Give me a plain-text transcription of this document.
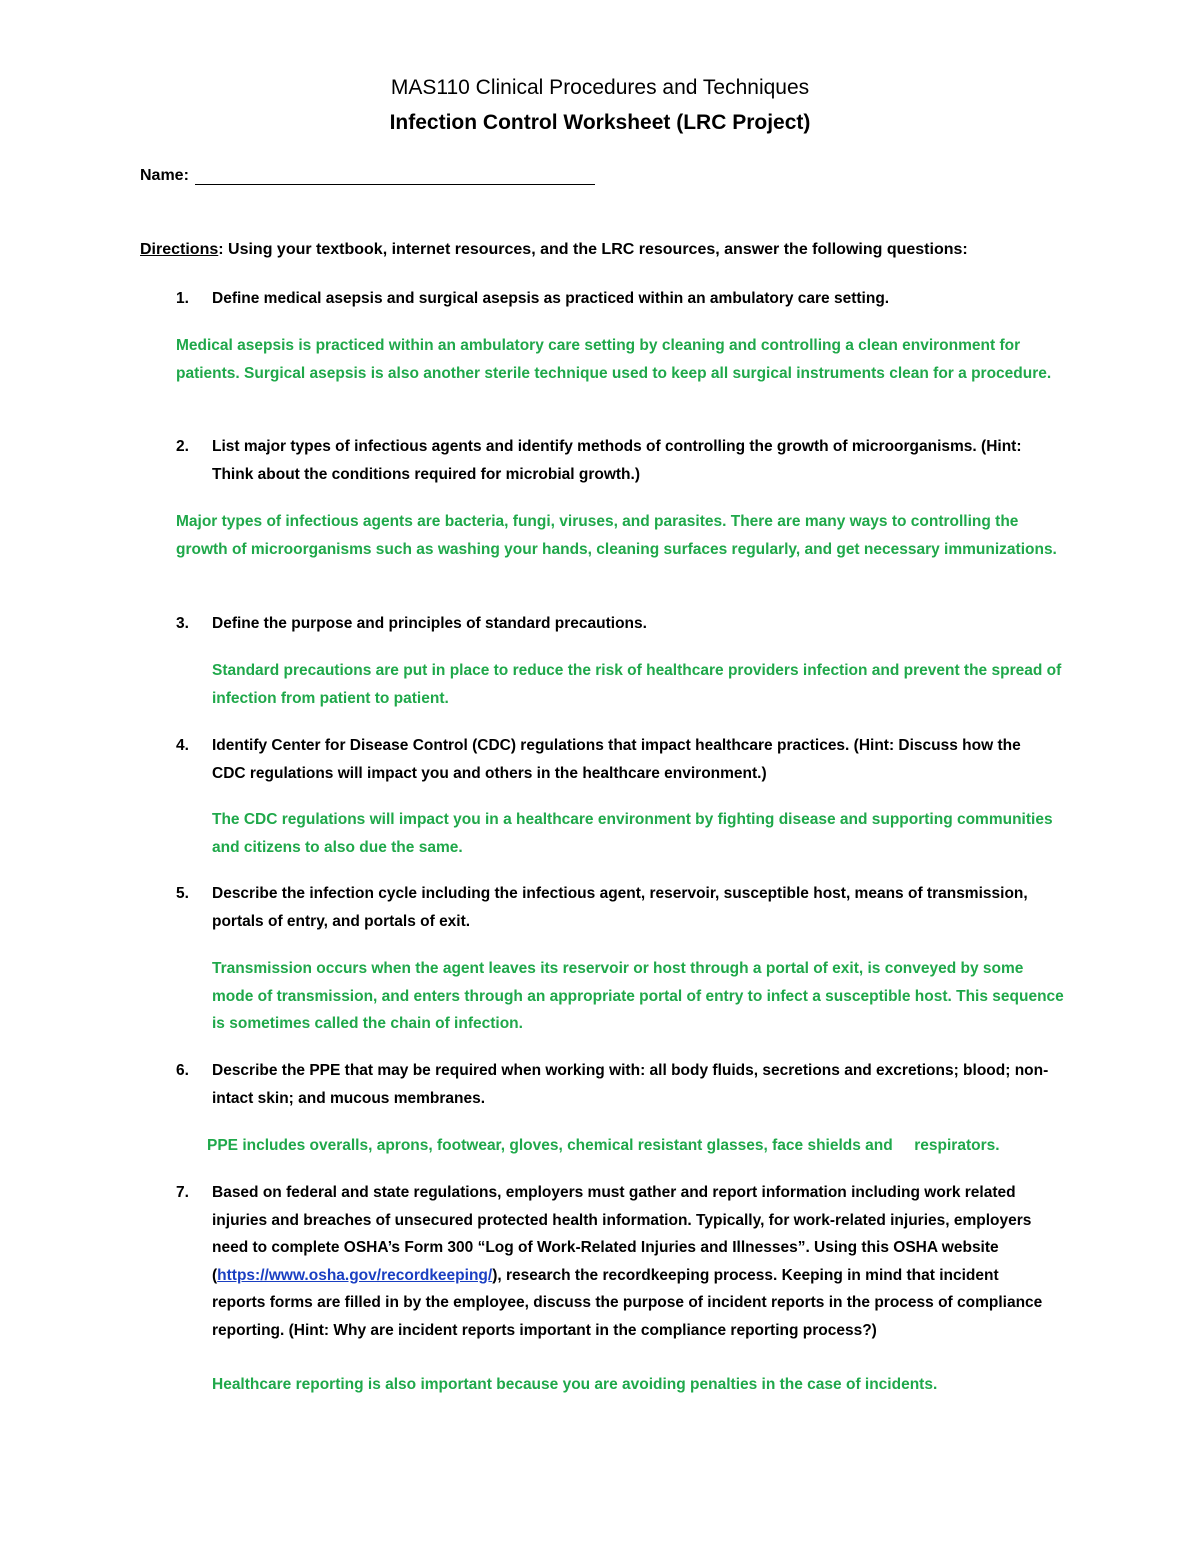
MAS110 Clinical Procedures and Techniques
Infection Control Worksheet (LRC Project)
Name:
Directions: Using your textbook, internet resources, and the LRC resources, answer the following questions:
1.	Define medical asepsis and surgical asepsis as practiced within an ambulatory care setting.
Medical asepsis is practiced within an ambulatory care setting by cleaning and controlling a clean environment for patients. Surgical asepsis is also another sterile technique used to keep all surgical instruments clean for a procedure.
2.	List major types of infectious agents and identify methods of controlling the growth of microorganisms. (Hint: Think about the conditions required for microbial growth.)
Major types of infectious agents are bacteria, fungi, viruses, and parasites. There are many ways to controlling the growth of microorganisms such as washing your hands, cleaning surfaces regularly, and get necessary immunizations.
3.	Define the purpose and principles of standard precautions.
Standard precautions are put in place to reduce the risk of healthcare providers infection and prevent the spread of infection from patient to patient.
4.	Identify Center for Disease Control (CDC) regulations that impact healthcare practices. (Hint: Discuss how the CDC regulations will impact you and others in the healthcare environment.)
The CDC regulations will impact you in a healthcare environment by fighting disease and supporting communities and citizens to also due the same.
5.	Describe the infection cycle including the infectious agent, reservoir, susceptible host, means of transmission, portals of entry, and portals of exit.
Transmission occurs when the agent leaves its reservoir or host through a portal of exit, is conveyed by some mode of transmission, and enters through an appropriate portal of entry to infect a susceptible host. This sequence is sometimes called the chain of infection.
6.	Describe the PPE that may be required when working with: all body fluids, secretions and excretions; blood; non-intact skin; and mucous membranes.
PPE includes overalls, aprons, footwear, gloves, chemical resistant glasses, face shields and     respirators.
7.	Based on federal and state regulations, employers must gather and report information including work related injuries and breaches of unsecured protected health information. Typically, for work-related injuries, employers need to complete OSHA’s Form 300 “Log of Work-Related Injuries and Illnesses”. Using this OSHA website (https://www.osha.gov/recordkeeping/), research the recordkeeping process. Keeping in mind that incident reports forms are filled in by the employee, discuss the purpose of incident reports in the process of compliance reporting. (Hint: Why are incident reports important in the compliance reporting process?)
Healthcare reporting is also important because you are avoiding penalties in the case of incidents.
